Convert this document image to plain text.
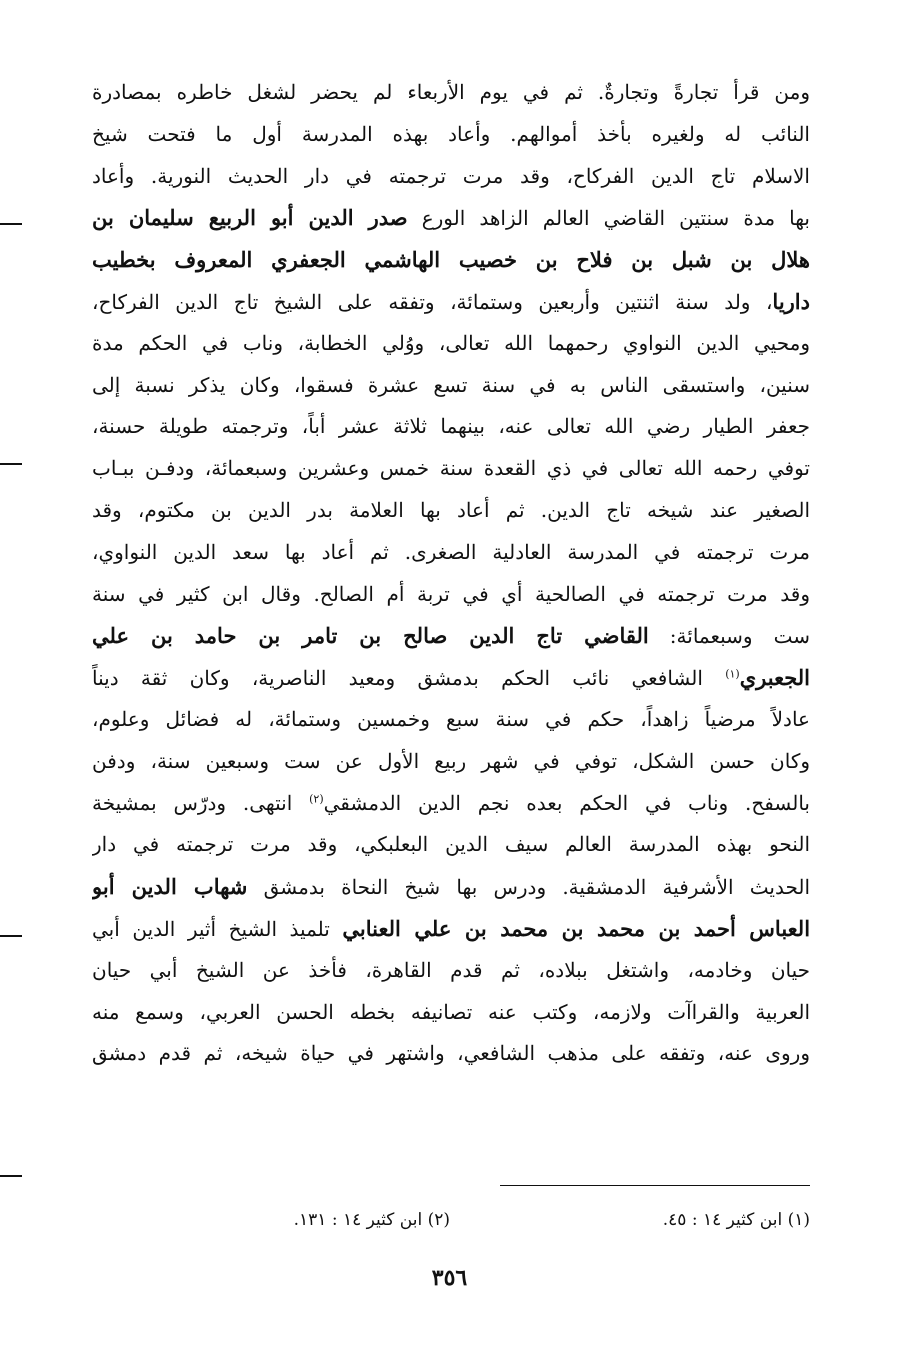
ومن قرأ تجارةً وتجارةٌ. ثم في يوم الأربعاء لم يحضر لشغل خاطره بمصادرة
النائب له ولغيره بأخذ أموالهم. وأعاد بهذه المدرسة أول ما فتحت شيخ
الاسلام تاج الدين الفركاح، وقد مرت ترجمته في دار الحديث النورية. وأعاد
بها مدة سنتين القاضي العالم الزاهد الورع صدر الدين أبو الربيع سليمان بن
هلال بن شبل بن فلاح بن خصيب الهاشمي الجعفري المعروف بخطيب
داريا، ولد سنة اثنتين وأربعين وستمائة، وتفقه على الشيخ تاج الدين الفركاح،
ومحيي الدين النواوي رحمهما الله تعالى، ووُلي الخطابة، وناب في الحكم مدة
سنين، واستسقى الناس به في سنة تسع عشرة فسقوا، وكان يذكر نسبة إلى
جعفر الطيار رضي الله تعالى عنه، بينهما ثلاثة عشر أباً، وترجمته طويلة حسنة،
توفي رحمه الله تعالى في ذي القعدة سنة خمس وعشرين وسبعمائة، ودفـن ببـاب
الصغير عند شيخه تاج الدين. ثم أعاد بها العلامة بدر الدين بن مكتوم، وقد
مرت ترجمته في المدرسة العادلية الصغرى. ثم أعاد بها سعد الدين النواوي،
وقد مرت ترجمته في الصالحية أي في تربة أم الصالح. وقال ابن كثير في سنة
ست وسبعمائة: القاضي تاج الدين صالح بن تامر بن حامد بن علي
الجعبري$^{(١)}$ الشافعي نائب الحكم بدمشق ومعيد الناصرية، وكان ثقة ديناً
عادلاً مرضياً زاهداً، حكم في سنة سبع وخمسين وستمائة، له فضائل وعلوم،
وكان حسن الشكل، توفي في شهر ربيع الأول عن ست وسبعين سنة، ودفن
بالسفح. وناب في الحكم بعده نجم الدين الدمشقي$^{(٢)}$ انتهى. ودرّس بمشيخة
النحو بهذه المدرسة العالم سيف الدين البعلبكي، وقد مرت ترجمته في دار
الحديث الأشرفية الدمشقية. ودرس بها شيخ النحاة بدمشق شهاب الدين أبو
العباس أحمد بن محمد بن محمد بن علي العنابي تلميذ الشيخ أثير الدين أبي
حيان وخادمه، واشتغل ببلاده، ثم قدم القاهرة، فأخذ عن الشيخ أبي حيان
العربية والقراآت ولازمه، وكتب عنه تصانيفه بخطه الحسن العربي، وسمع منه
وروى عنه، وتفقه على مذهب الشافعي، واشتهر في حياة شيخه، ثم قدم دمشق
(١) ابن كثير ١٤ : ٤٥.
(٢) ابن كثير ١٤ : ١٣١.
٣٥٦
